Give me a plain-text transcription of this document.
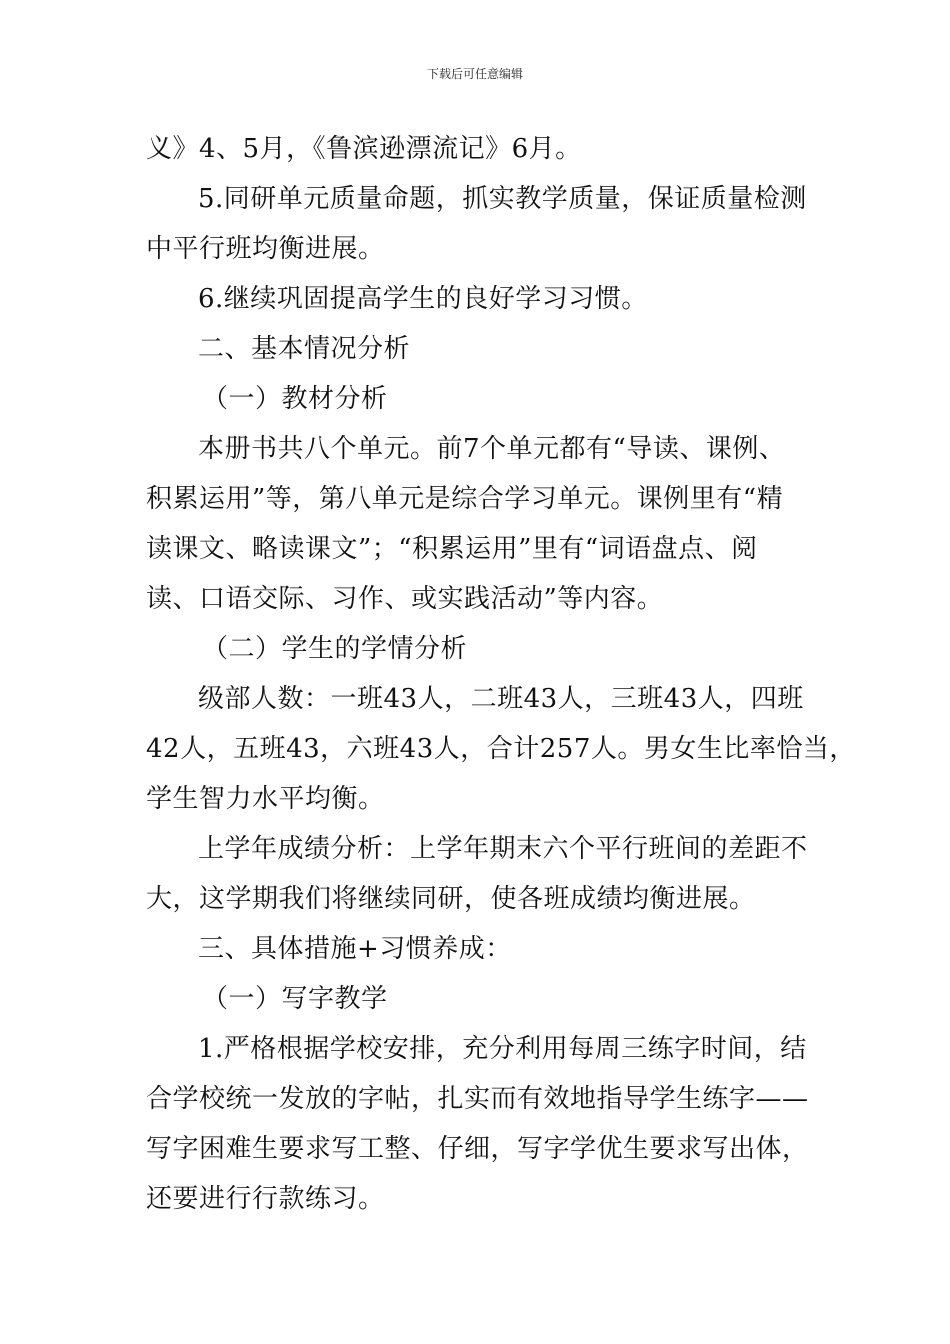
下载后可任意编辑
义》4、5月，《鲁滨逊漂流记》6月。
5.同研单元质量命题，抓实教学质量，保证质量检测
中平行班均衡进展。
6.继续巩固提高学生的良好学习习惯。
二、基本情况分析
（一）教材分析
本册书共八个单元。前7个单元都有“导读、课例、
积累运用”等，第八单元是综合学习单元。课例里有“精
读课文、略读课文”；“积累运用”里有“词语盘点、阅
读、口语交际、习作、或实践活动”等内容。
（二）学生的学情分析
级部人数：一班43人，二班43人，三班43人，四班
42人，五班43，六班43人，合计257人。男女生比率恰当，
学生智力水平均衡。
上学年成绩分析：上学年期末六个平行班间的差距不
大，这学期我们将继续同研，使各班成绩均衡进展。
三、具体措施+习惯养成：
（一）写字教学
1.严格根据学校安排，充分利用每周三练字时间，结
合学校统一发放的字帖，扎实而有效地指导学生练字——
写字困难生要求写工整、仔细，写字学优生要求写出体，
还要进行行款练习。
